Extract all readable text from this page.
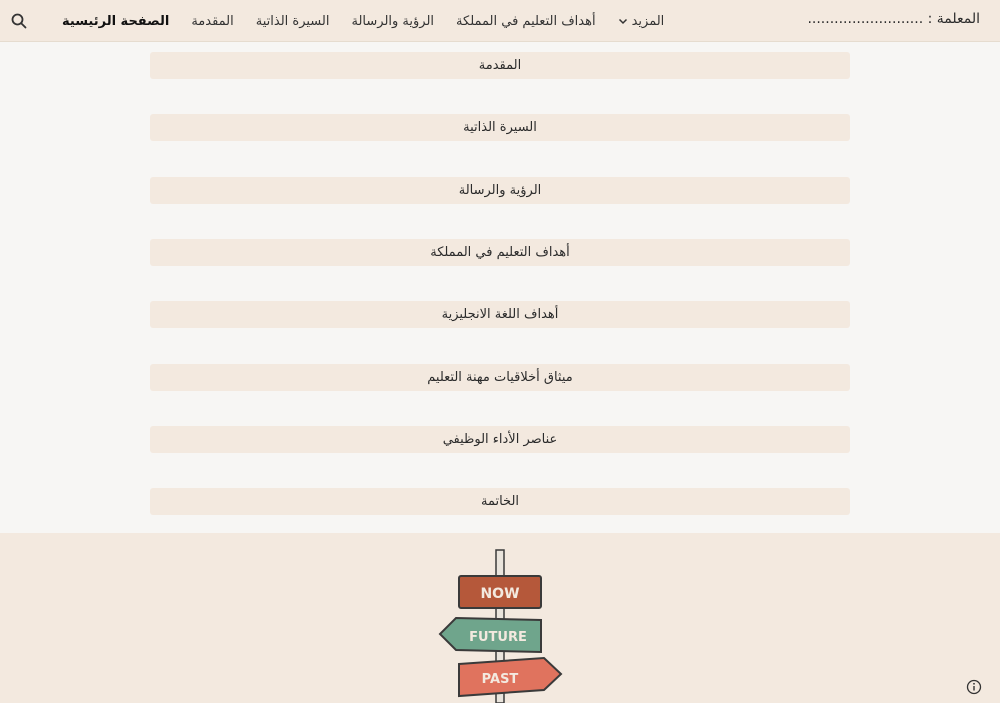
المعلمة : ..........................
الصفحة الرئيسية المقدمة السيرة الذاتية الرؤية والرسالة أهداف التعليم في المملكة	المزيد
المقدمة
السيرة الذاتية
الرؤية والرسالة
أهداف التعليم في المملكة
أهداف اللغة الانجليزية
ميثاق أخلاقيات مهنة التعليم
عناصر الأداء الوظيفي
الخاتمة
NOW
FUTURE
PAST
